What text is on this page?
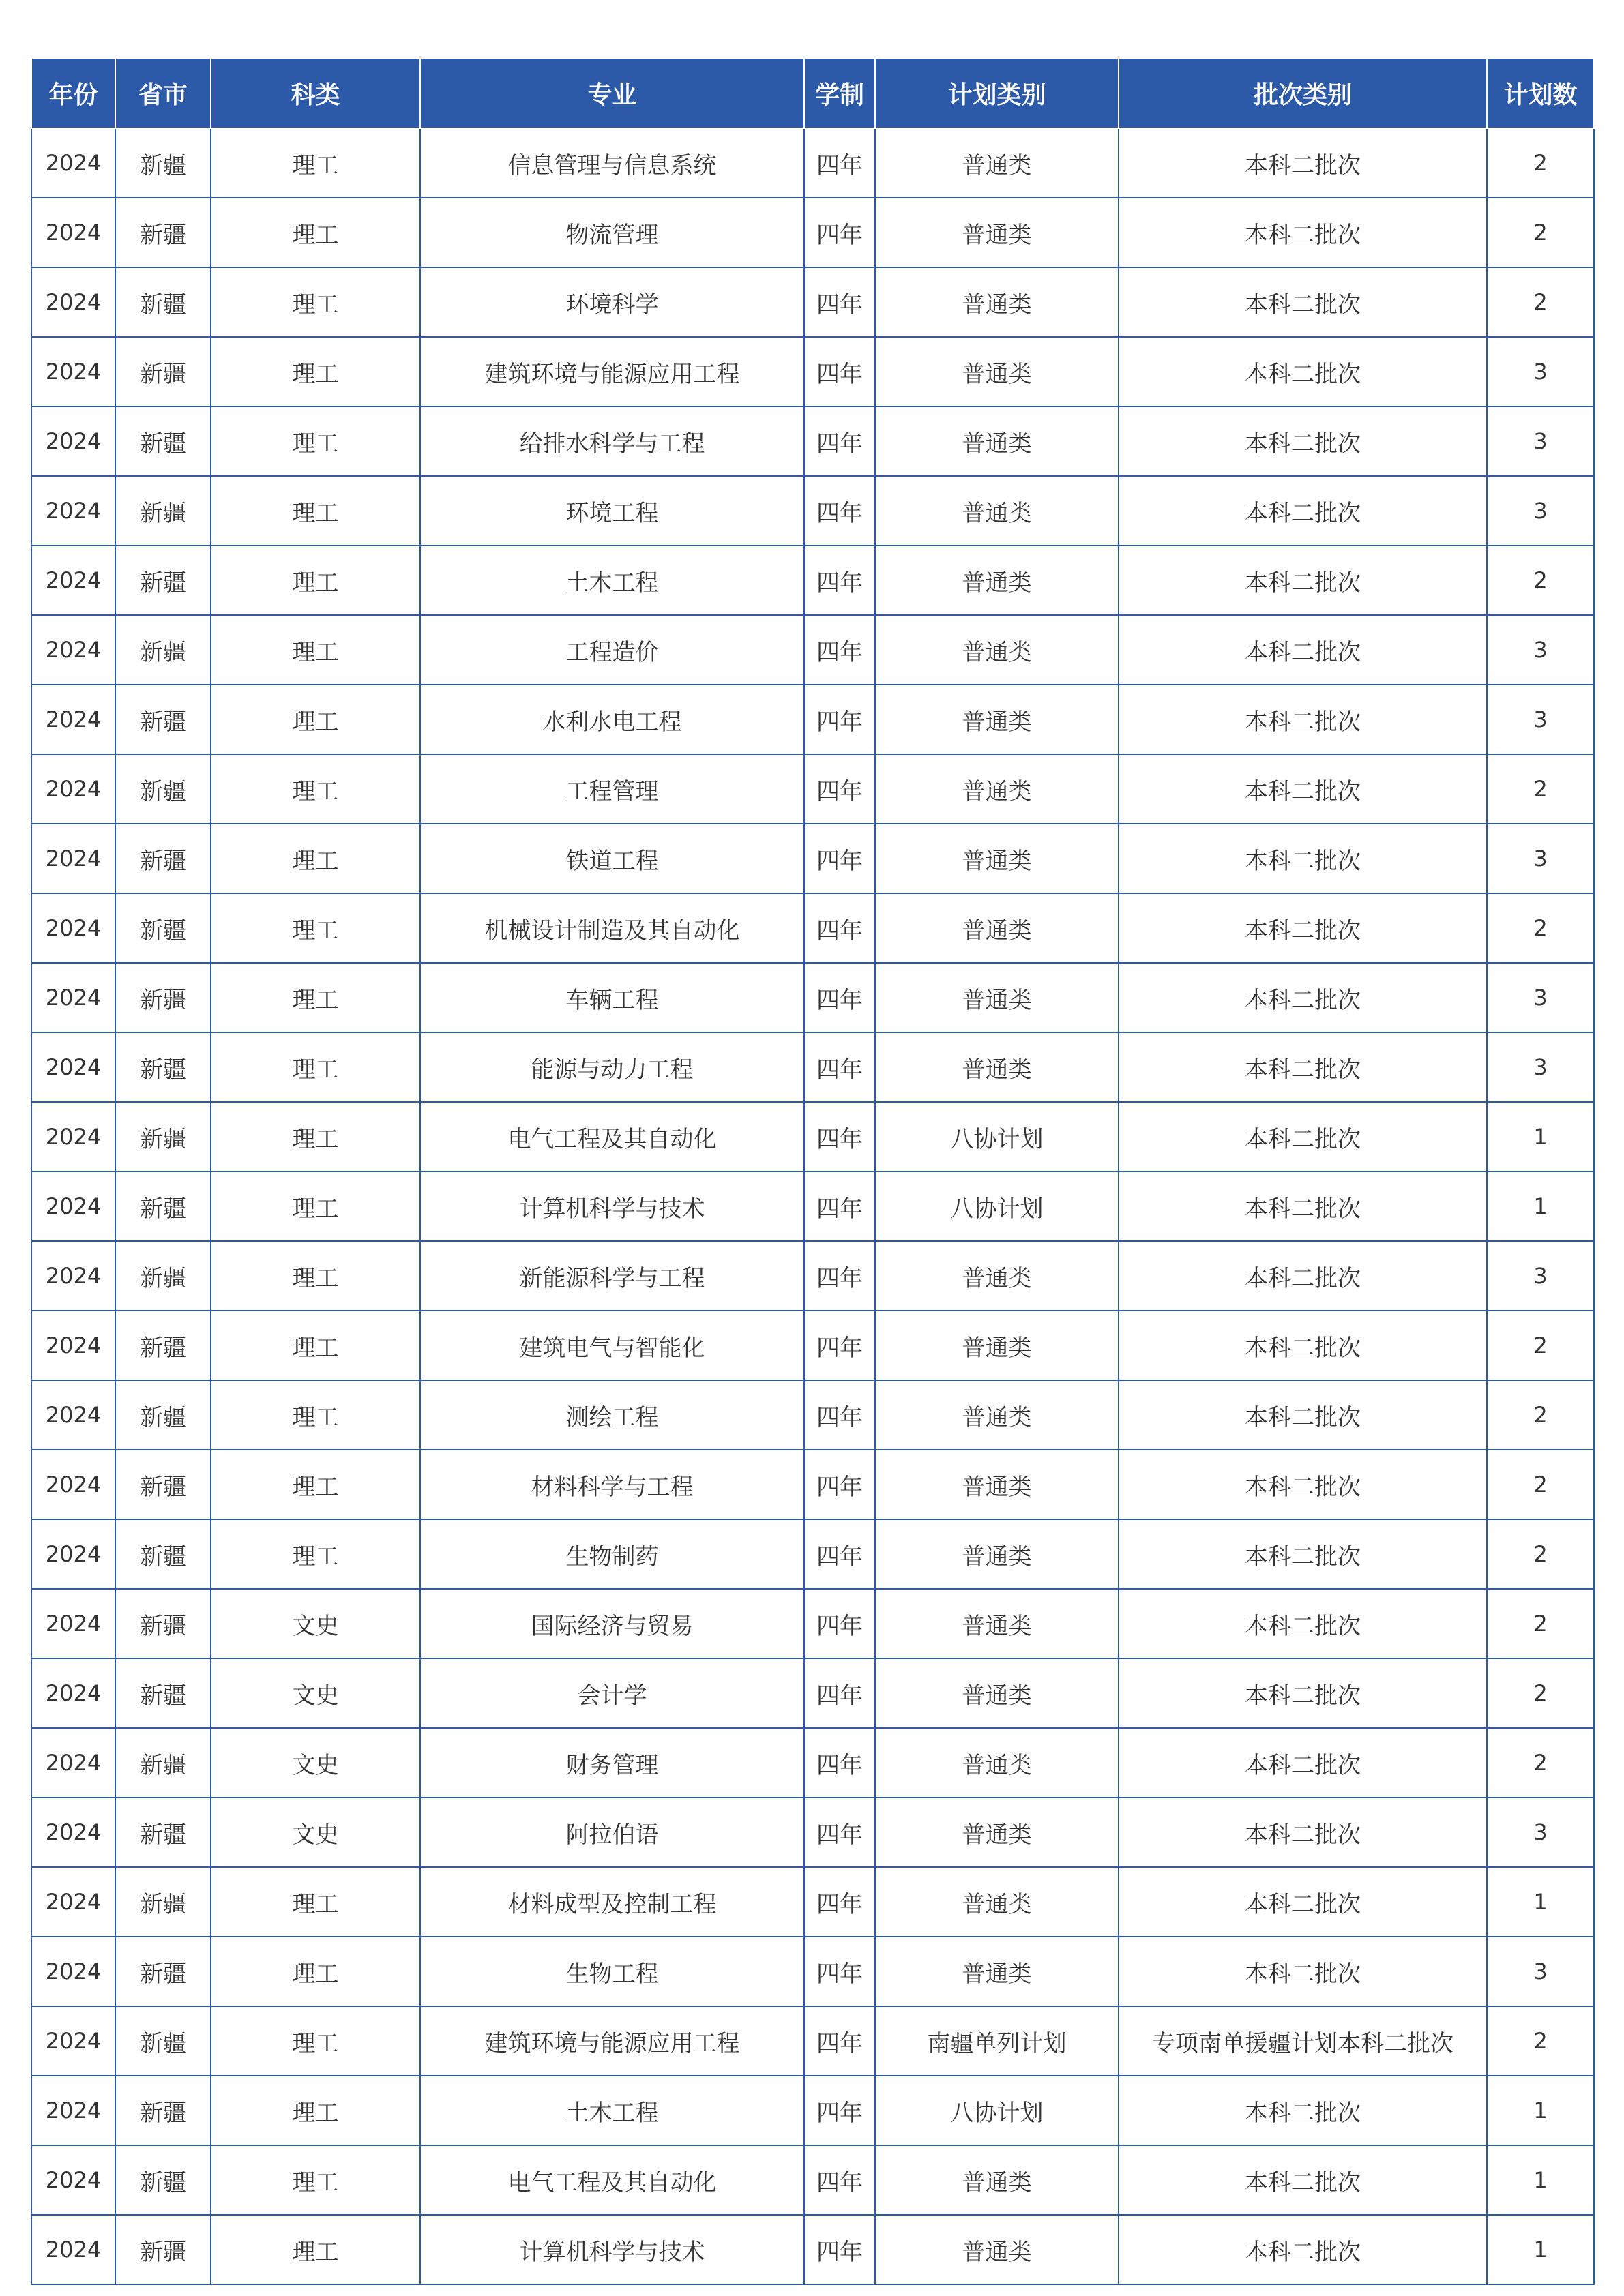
年份	省市	科类	专业	学制	计划类别	批次类别	计划数
2024	新疆	理工	信息管理与信息系统	四年	普通类	本科二批次	2
2024	新疆	理工	物流管理	四年	普通类	本科二批次	2
2024	新疆	理工	环境科学	四年	普通类	本科二批次	2
2024	新疆	理工	建筑环境与能源应用工程	四年	普通类	本科二批次	3
2024	新疆	理工	给排水科学与工程	四年	普通类	本科二批次	3
2024	新疆	理工	环境工程	四年	普通类	本科二批次	3
2024	新疆	理工	土木工程	四年	普通类	本科二批次	2
2024	新疆	理工	工程造价	四年	普通类	本科二批次	3
2024	新疆	理工	水利水电工程	四年	普通类	本科二批次	3
2024	新疆	理工	工程管理	四年	普通类	本科二批次	2
2024	新疆	理工	铁道工程	四年	普通类	本科二批次	3
2024	新疆	理工	机械设计制造及其自动化	四年	普通类	本科二批次	2
2024	新疆	理工	车辆工程	四年	普通类	本科二批次	3
2024	新疆	理工	能源与动力工程	四年	普通类	本科二批次	3
2024	新疆	理工	电气工程及其自动化	四年	八协计划	本科二批次	1
2024	新疆	理工	计算机科学与技术	四年	八协计划	本科二批次	1
2024	新疆	理工	新能源科学与工程	四年	普通类	本科二批次	3
2024	新疆	理工	建筑电气与智能化	四年	普通类	本科二批次	2
2024	新疆	理工	测绘工程	四年	普通类	本科二批次	2
2024	新疆	理工	材料科学与工程	四年	普通类	本科二批次	2
2024	新疆	理工	生物制药	四年	普通类	本科二批次	2
2024	新疆	文史	国际经济与贸易	四年	普通类	本科二批次	2
2024	新疆	文史	会计学	四年	普通类	本科二批次	2
2024	新疆	文史	财务管理	四年	普通类	本科二批次	2
2024	新疆	文史	阿拉伯语	四年	普通类	本科二批次	3
2024	新疆	理工	材料成型及控制工程	四年	普通类	本科二批次	1
2024	新疆	理工	生物工程	四年	普通类	本科二批次	3
2024	新疆	理工	建筑环境与能源应用工程	四年	南疆单列计划	专项南单援疆计划本科二批次	2
2024	新疆	理工	土木工程	四年	八协计划	本科二批次	1
2024	新疆	理工	电气工程及其自动化	四年	普通类	本科二批次	1
2024	新疆	理工	计算机科学与技术	四年	普通类	本科二批次	1
